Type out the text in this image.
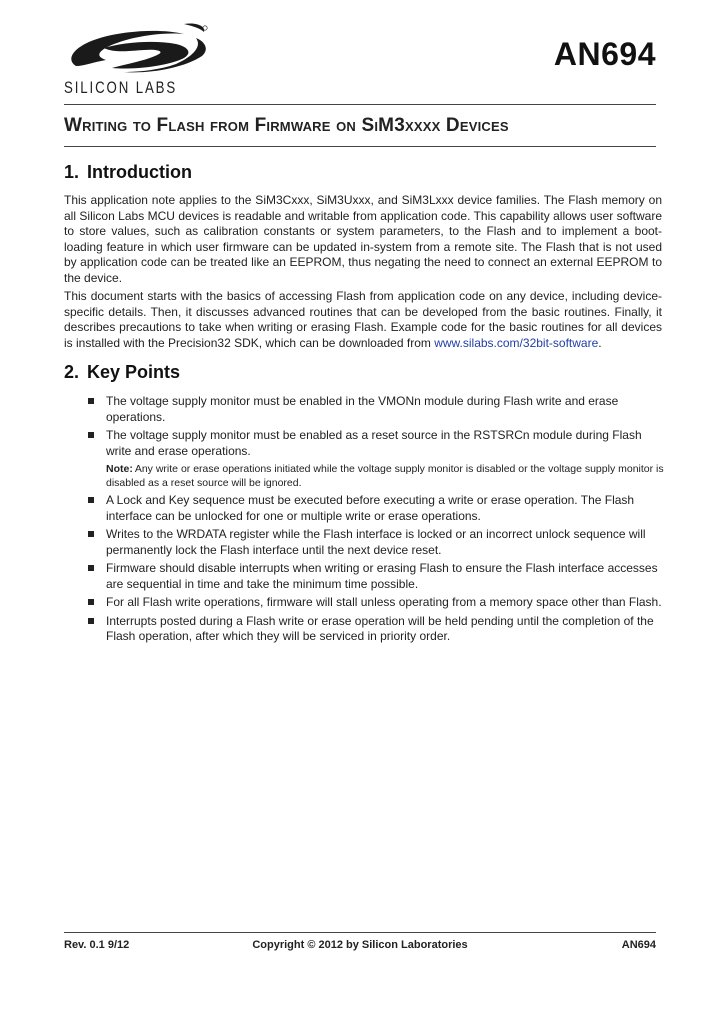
SILICON LABS
AN694
Writing to Flash from Firmware on SiM3xxxx Devices
1. Introduction

This application note applies to the SiM3Cxxx, SiM3Uxxx, and SiM3Lxxx device families. The Flash memory on all Silicon Labs MCU devices is readable and writable from application code. This capability allows user software to store values, such as calibration constants or system parameters, to the Flash and to implement a boot-loading feature in which user firmware can be updated in-system from a remote site. The Flash that is not used by application code can be treated like an EEPROM, thus negating the need to connect an external EEPROM to the device.

This document starts with the basics of accessing Flash from application code on any device, including device-specific details. Then, it discusses advanced routines that can be developed from the basic routines. Finally, it describes precautions to take when writing or erasing Flash. Example code for the basic routines for all devices is installed with the Precision32 SDK, which can be downloaded from www.silabs.com/32bit-software.

2. Key Points
The voltage supply monitor must be enabled in the VMONn module during Flash write and erase operations.
The voltage supply monitor must be enabled as a reset source in the RSTSRCn module during Flash write and erase operations.
Note: Any write or erase operations initiated while the voltage supply monitor is disabled or the voltage supply monitor is disabled as a reset source will be ignored.
A Lock and Key sequence must be executed before executing a write or erase operation. The Flash interface can be unlocked for one or multiple write or erase operations.
Writes to the WRDATA register while the Flash interface is locked or an incorrect unlock sequence will permanently lock the Flash interface until the next device reset.
Firmware should disable interrupts when writing or erasing Flash to ensure the Flash interface accesses are sequential in time and take the minimum time possible.
For all Flash write operations, firmware will stall unless operating from a memory space other than Flash.
Interrupts posted during a Flash write or erase operation will be held pending until the completion of the Flash operation, after which they will be serviced in priority order.
Rev. 0.1 9/12	Copyright © 2012 by Silicon Laboratories	AN694
